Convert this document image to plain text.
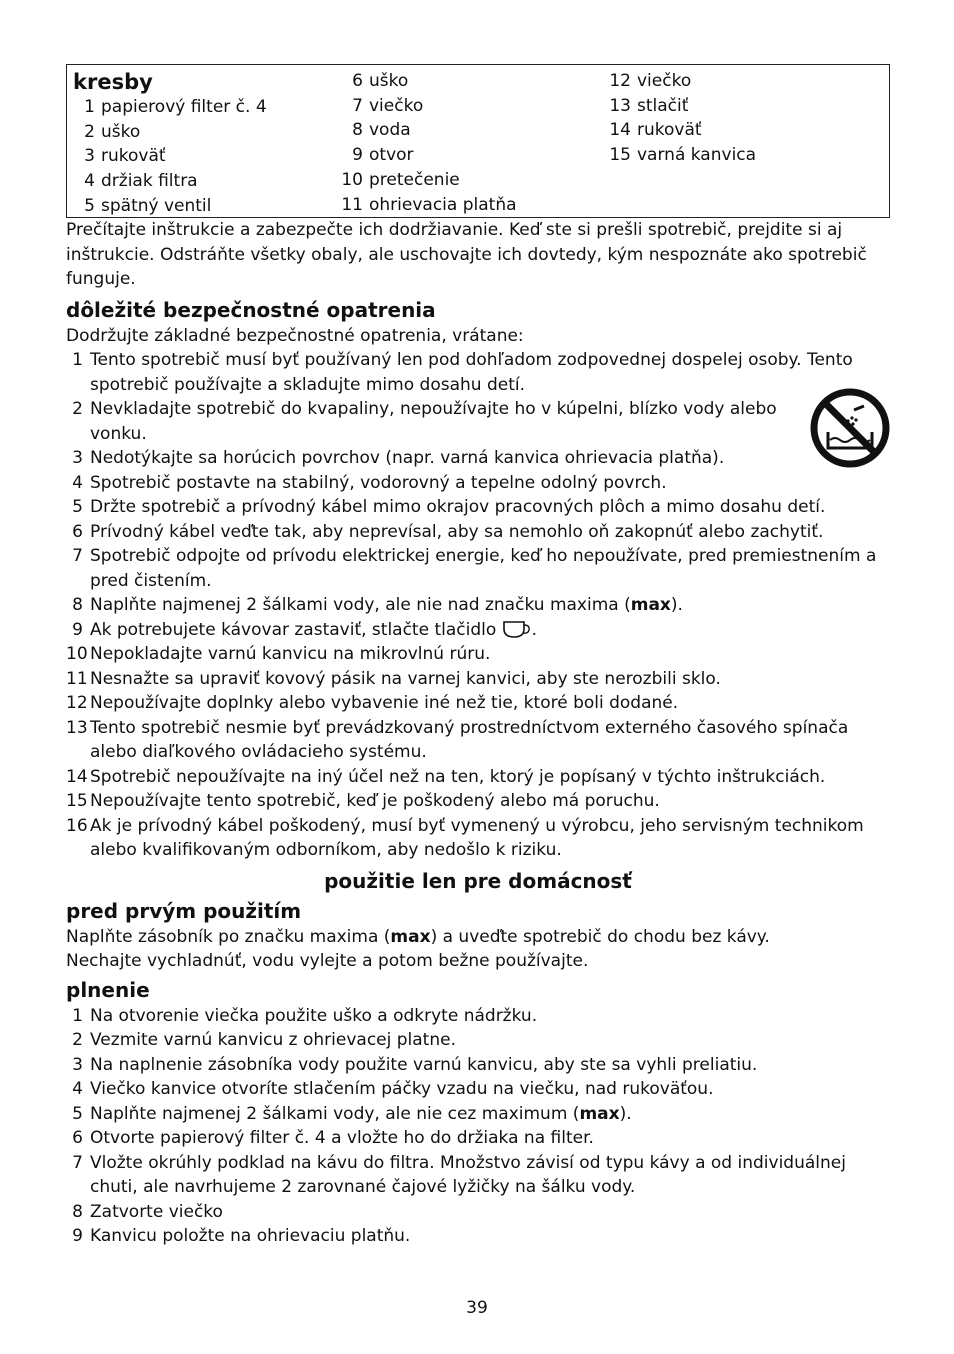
kresby
1 papierový filter č. 4
2 uško
3 rukoväť
4 držiak filtra
5 spätný ventil
6 uško
7 viečko
8 voda
9 otvor
10 pretečenie
11 ohrievacia platňa
12 viečko
13 stlačiť
14 rukoväť
15 varná kanvica

Prečítajte inštrukcie a zabezpečte ich dodržiavanie. Keď ste si prešli spotrebič, prejdite si aj inštrukcie. Odstráňte všetky obaly, ale uschovajte ich dovtedy, kým nespoznáte ako spotrebič funguje.

dôležité bezpečnostné opatrenia

Dodržujte základné bezpečnostné opatrenia, vrátane:

1 Tento spotrebič musí byť používaný len pod dohľadom zodpovednej dospelej osoby. Tento spotrebič používajte a skladujte mimo dosahu detí.
2 Nevkladajte spotrebič do kvapaliny, nepoužívajte ho v kúpelni, blízko vody alebo vonku.
3 Nedotýkajte sa horúcich povrchov (napr. varná kanvica ohrievacia platňa).
4 Spotrebič postavte na stabilný, vodorovný a tepelne odolný povrch.
5 Držte spotrebič a prívodný kábel mimo okrajov pracovných plôch a mimo dosahu detí.
6 Prívodný kábel veďte tak, aby neprevísal, aby sa nemohlo oň zakopnúť alebo zachytiť.
7 Spotrebič odpojte od prívodu elektrickej energie, keď ho nepoužívate, pred premiestnením a pred čistením.
8 Naplňte najmenej 2 šálkami vody, ale nie nad značku maxima (max).
9 Ak potrebujete kávovar zastaviť, stlačte tlačidlo .
10 Nepokladajte varnú kanvicu na mikrovlnú rúru.
11 Nesnažte sa upraviť kovový pásik na varnej kanvici, aby ste nerozbili sklo.
12 Nepoužívajte doplnky alebo vybavenie iné než tie, ktoré boli dodané.
13 Tento spotrebič nesmie byť prevádzkovaný prostredníctvom externého časového spínača alebo diaľkového ovládacieho systému.
14 Spotrebič nepoužívajte na iný účel než na ten, ktorý je popísaný v týchto inštrukciách.
15 Nepoužívajte tento spotrebič, keď je poškodený alebo má poruchu.
16 Ak je prívodný kábel poškodený, musí byť vymenený u výrobcu, jeho servisným technikom alebo kvalifikovaným odborníkom, aby nedošlo k riziku.
použitie len pre domácnosť
pred prvým použitím

Naplňte zásobník po značku maxima (max) a uveďte spotrebič do chodu bez kávy.

Nechajte vychladnúť, vodu vylejte a potom bežne používajte.

plnenie
1 Na otvorenie viečka použite uško a odkryte nádržku.
2 Vezmite varnú kanvicu z ohrievacej platne.
3 Na naplnenie zásobníka vody použite varnú kanvicu, aby ste sa vyhli preliatiu.
4 Viečko kanvice otvoríte stlačením páčky vzadu na viečku, nad rukoväťou.
5 Naplňte najmenej 2 šálkami vody, ale nie cez maximum (max).
6 Otvorte papierový filter č. 4 a vložte ho do držiaka na filter.
7 Vložte okrúhly podklad na kávu do filtra. Množstvo závisí od typu kávy a od individuálnej chuti, ale navrhujeme 2 zarovnané čajové lyžičky na šálku vody.
8 Zatvorte viečko
9 Kanvicu položte na ohrievaciu platňu.
39
